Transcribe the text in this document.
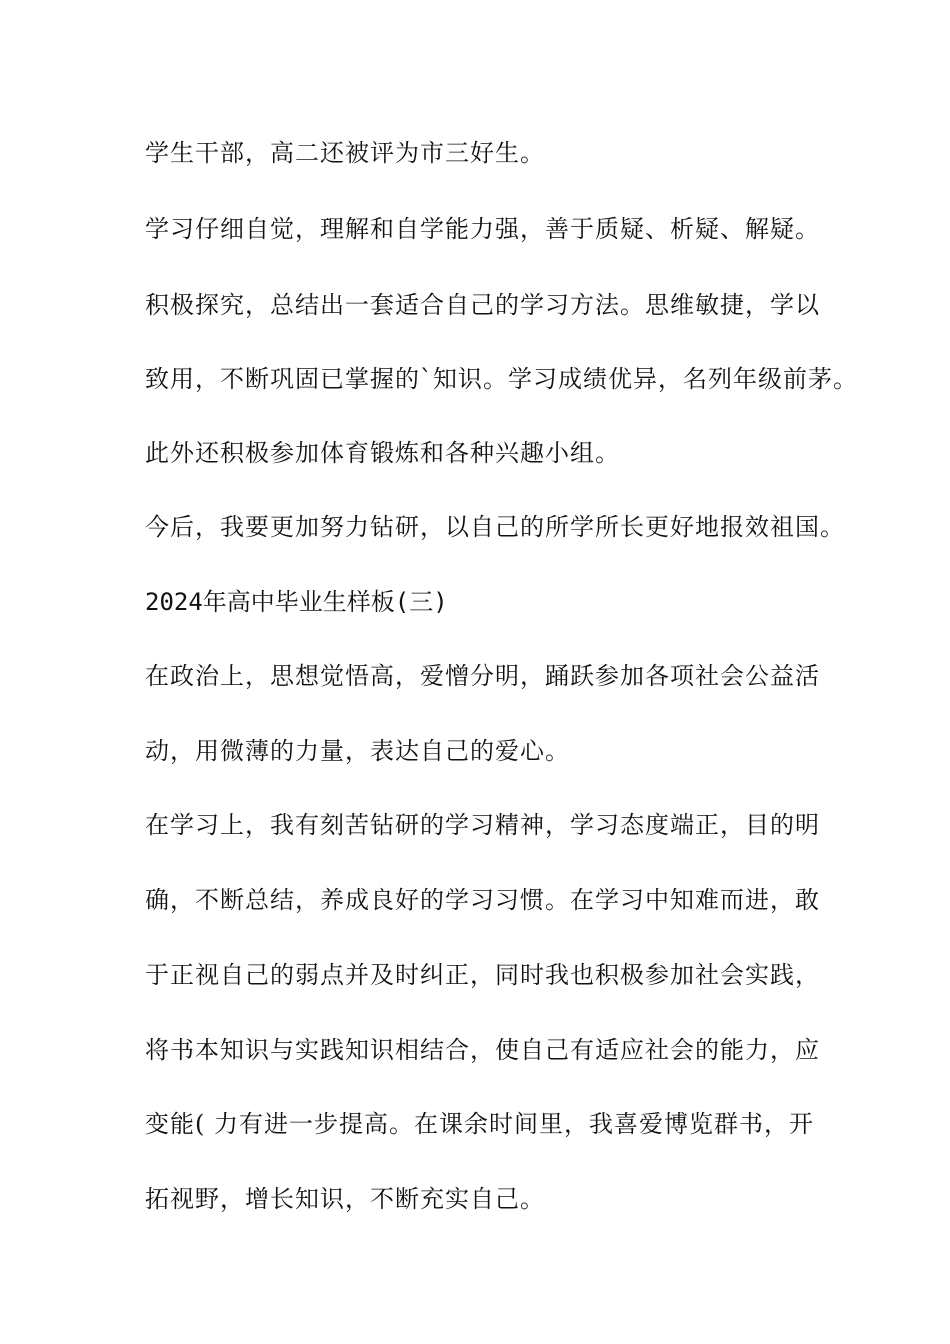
学生干部，高二还被评为市三好生。

学习仔细自觉，理解和自学能力强，善于质疑、析疑、解疑。

积极探究，总结出一套适合自己的学习方法。思维敏捷，学以

致用，不断巩固已掌握的`知识。学习成绩优异，名列年级前茅。

此外还积极参加体育锻炼和各种兴趣小组。

今后，我要更加努力钻研，以自己的所学所长更好地报效祖国。

2024年高中毕业生样板(三)

在政治上，思想觉悟高，爱憎分明，踊跃参加各项社会公益活

动，用微薄的力量，表达自己的爱心。

在学习上，我有刻苦钻研的学习精神，学习态度端正，目的明

确，不断总结，养成良好的学习习惯。在学习中知难而进，敢

于正视自己的弱点并及时纠正，同时我也积极参加社会实践，

将书本知识与实践知识相结合，使自己有适应社会的能力，应

变能( 力有进一步提高。在课余时间里，我喜爱博览群书，开

拓视野，增长知识，不断充实自己。
